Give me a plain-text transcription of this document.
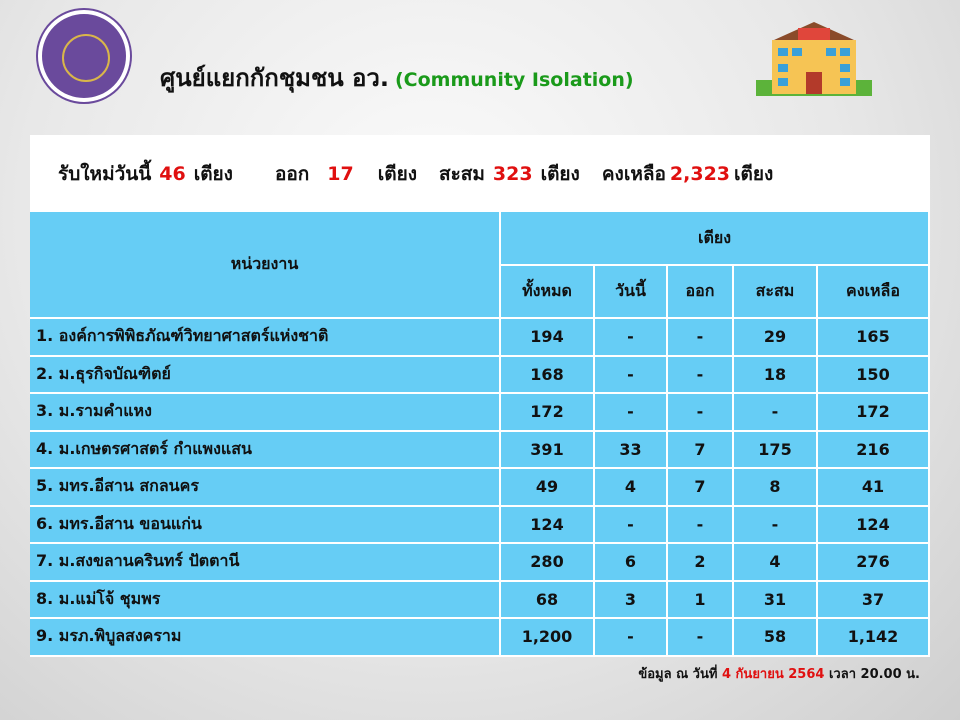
ศูนย์แยกกักชุมชน อว. (Community Isolation)
รับใหม่วันนี้ 46 เตียง ออก 17 เตียง สะสม 323 เตียง คงเหลือ 2,323 เตียง
หน่วยงาน	เตียง				
	ทั้งหมด	วันนี้	ออก	สะสม	คงเหลือ
1. องค์การพิพิธภัณฑ์วิทยาศาสตร์แห่งชาติ	194	-	-	29	165
2. ม.ธุรกิจบัณฑิตย์	168	-	-	18	150
3. ม.รามคำแหง	172	-	-	-	172
4. ม.เกษตรศาสตร์ กำแพงแสน	391	33	7	175	216
5. มทร.อีสาน สกลนคร	49	4	7	8	41
6. มทร.อีสาน ขอนแก่น	124	-	-	-	124
7. ม.สงขลานครินทร์ ปัตตานี	280	6	2	4	276
8. ม.แม่โจ้ ชุมพร	68	3	1	31	37
9. มรภ.พิบูลสงคราม	1,200	-	-	58	1,142
ข้อมูล ณ วันที่ 4 กันยายน 2564 เวลา 20.00 น.
